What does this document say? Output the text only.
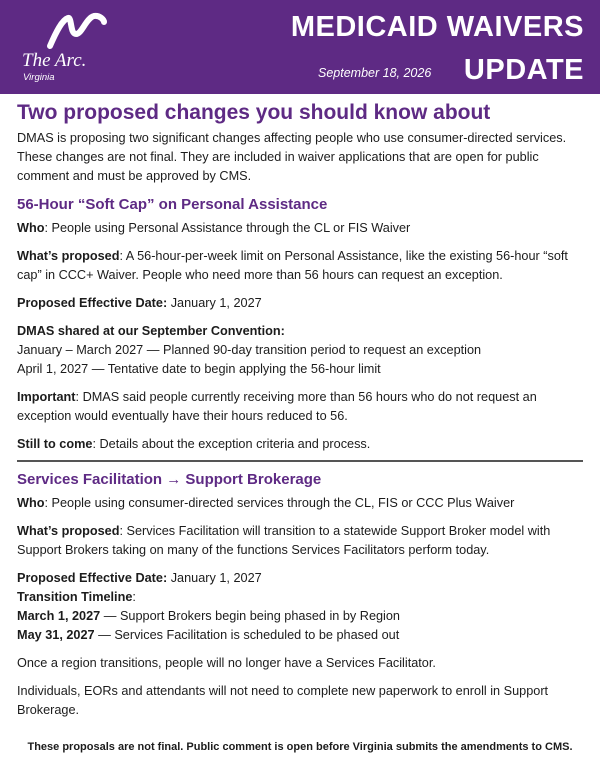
The Arc.
Virginia
MEDICAID WAIVERS
September 18, 2026 UPDATE
Two proposed changes you should know about

DMAS is proposing two significant changes affecting people who use consumer-directed services. These changes are not final. They are included in waiver applications that are open for public comment and must be approved by CMS.

56-Hour “Soft Cap” on Personal Assistance

Who: People using Personal Assistance through the CL or FIS Waiver

What’s proposed: A 56-hour-per-week limit on Personal Assistance, like the existing 56-hour “soft cap” in CCC+ Waiver. People who need more than 56 hours can request an exception.

Proposed Effective Date: January 1, 2027

DMAS shared at our September Convention:

January – March 2027 — Planned 90-day transition period to request an exception

April 1, 2027 — Tentative date to begin applying the 56-hour limit

Important: DMAS said people currently receiving more than 56 hours who do not request an exception would eventually have their hours reduced to 56.

Still to come: Details about the exception criteria and process.

Services Facilitation → Support Brokerage

Who: People using consumer-directed services through the CL, FIS or CCC Plus Waiver

What’s proposed: Services Facilitation will transition to a statewide Support Broker model with Support Brokers taking on many of the functions Services Facilitators perform today.

Proposed Effective Date: January 1, 2027

Transition Timeline:

March 1, 2027 — Support Brokers begin being phased in by Region

May 31, 2027 — Services Facilitation is scheduled to be phased out

Once a region transitions, people will no longer have a Services Facilitator.

Individuals, EORs and attendants will not need to complete new paperwork to enroll in Support Brokerage.

These proposals are not final. Public comment is open before Virginia submits the amendments to CMS.
